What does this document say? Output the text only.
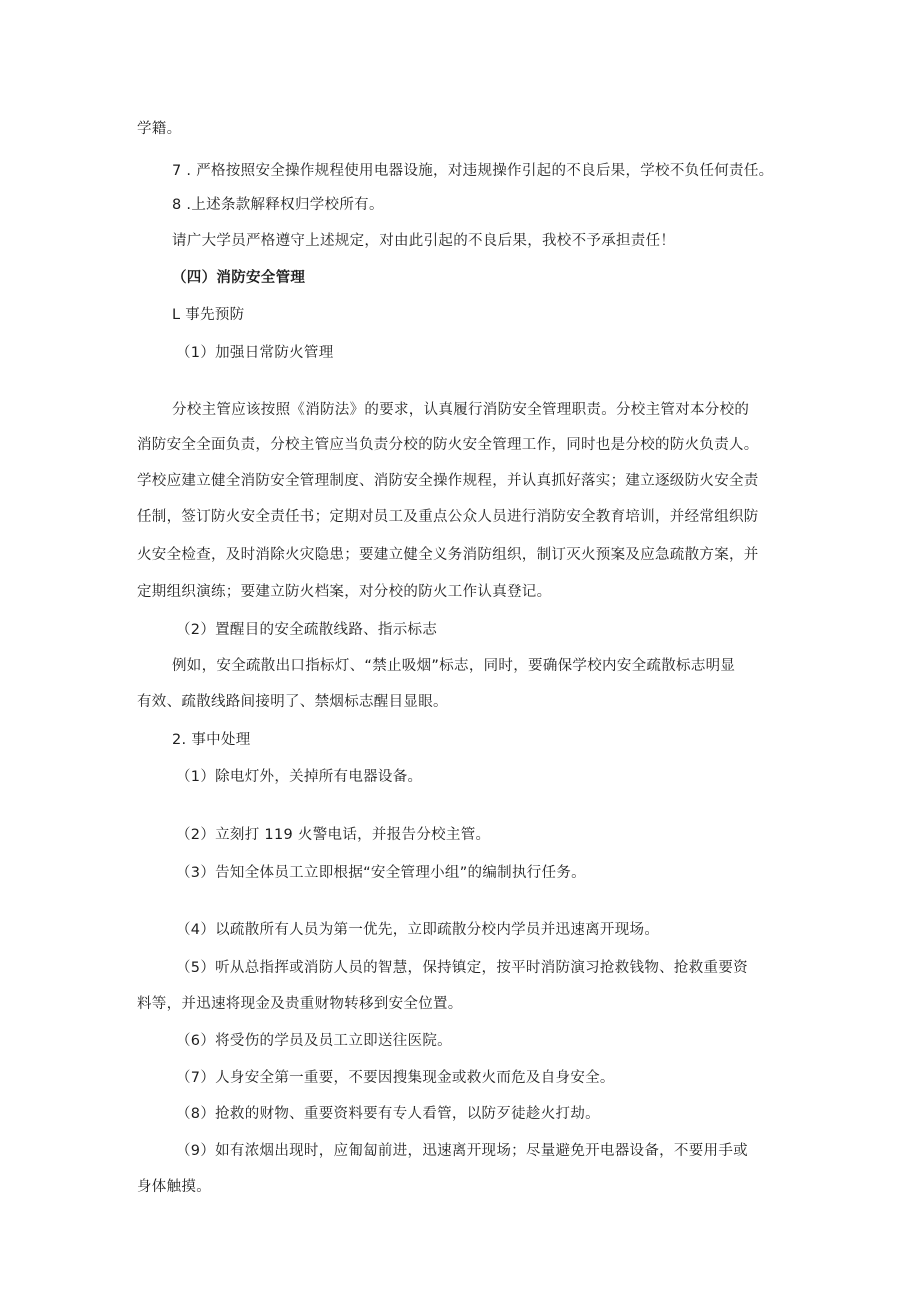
学籍。
7 . 严格按照安全操作规程使用电器设施，对违规操作引起的不良后果，学校不负任何责任。
8 .上述条款解释权归学校所有。
请广大学员严格遵守上述规定，对由此引起的不良后果，我校不予承担责任！
（四）消防安全管理
L 事先预防
（1）加强日常防火管理
分校主管应该按照《消防法》的要求，认真履行消防安全管理职责。分校主管对本分校的
消防安全全面负责，分校主管应当负责分校的防火安全管理工作，同时也是分校的防火负责人。
学校应建立健全消防安全管理制度、消防安全操作规程，并认真抓好落实；建立逐级防火安全责
任制，签订防火安全责任书；定期对员工及重点公众人员进行消防安全教育培训，并经常组织防
火安全检查，及时消除火灾隐患；要建立健全义务消防组织，制订灭火预案及应急疏散方案，并
定期组织演练；要建立防火档案，对分校的防火工作认真登记。
（2）置醒目的安全疏散线路、指示标志
例如，安全疏散出口指标灯、“禁止吸烟”标志，同时，要确保学校内安全疏散标志明显
有效、疏散线路间接明了、禁烟标志醒目显眼。
2. 事中处理
（1）除电灯外，关掉所有电器设备。
（2）立刻打 119 火警电话，并报告分校主管。
（3）告知全体员工立即根据“安全管理小组”的编制执行任务。
（4）以疏散所有人员为第一优先，立即疏散分校内学员并迅速离开现场。
（5）听从总指挥或消防人员的智慧，保持镇定，按平时消防演习抢救钱物、抢救重要资
料等，并迅速将现金及贵重财物转移到安全位置。
（6）将受伤的学员及员工立即送往医院。
（7）人身安全第一重要，不要因搜集现金或救火而危及自身安全。
（8）抢救的财物、重要资料要有专人看管，以防歹徒趁火打劫。
（9）如有浓烟出现时，应匍匐前进，迅速离开现场；尽量避免开电器设备，不要用手或
身体触摸。
